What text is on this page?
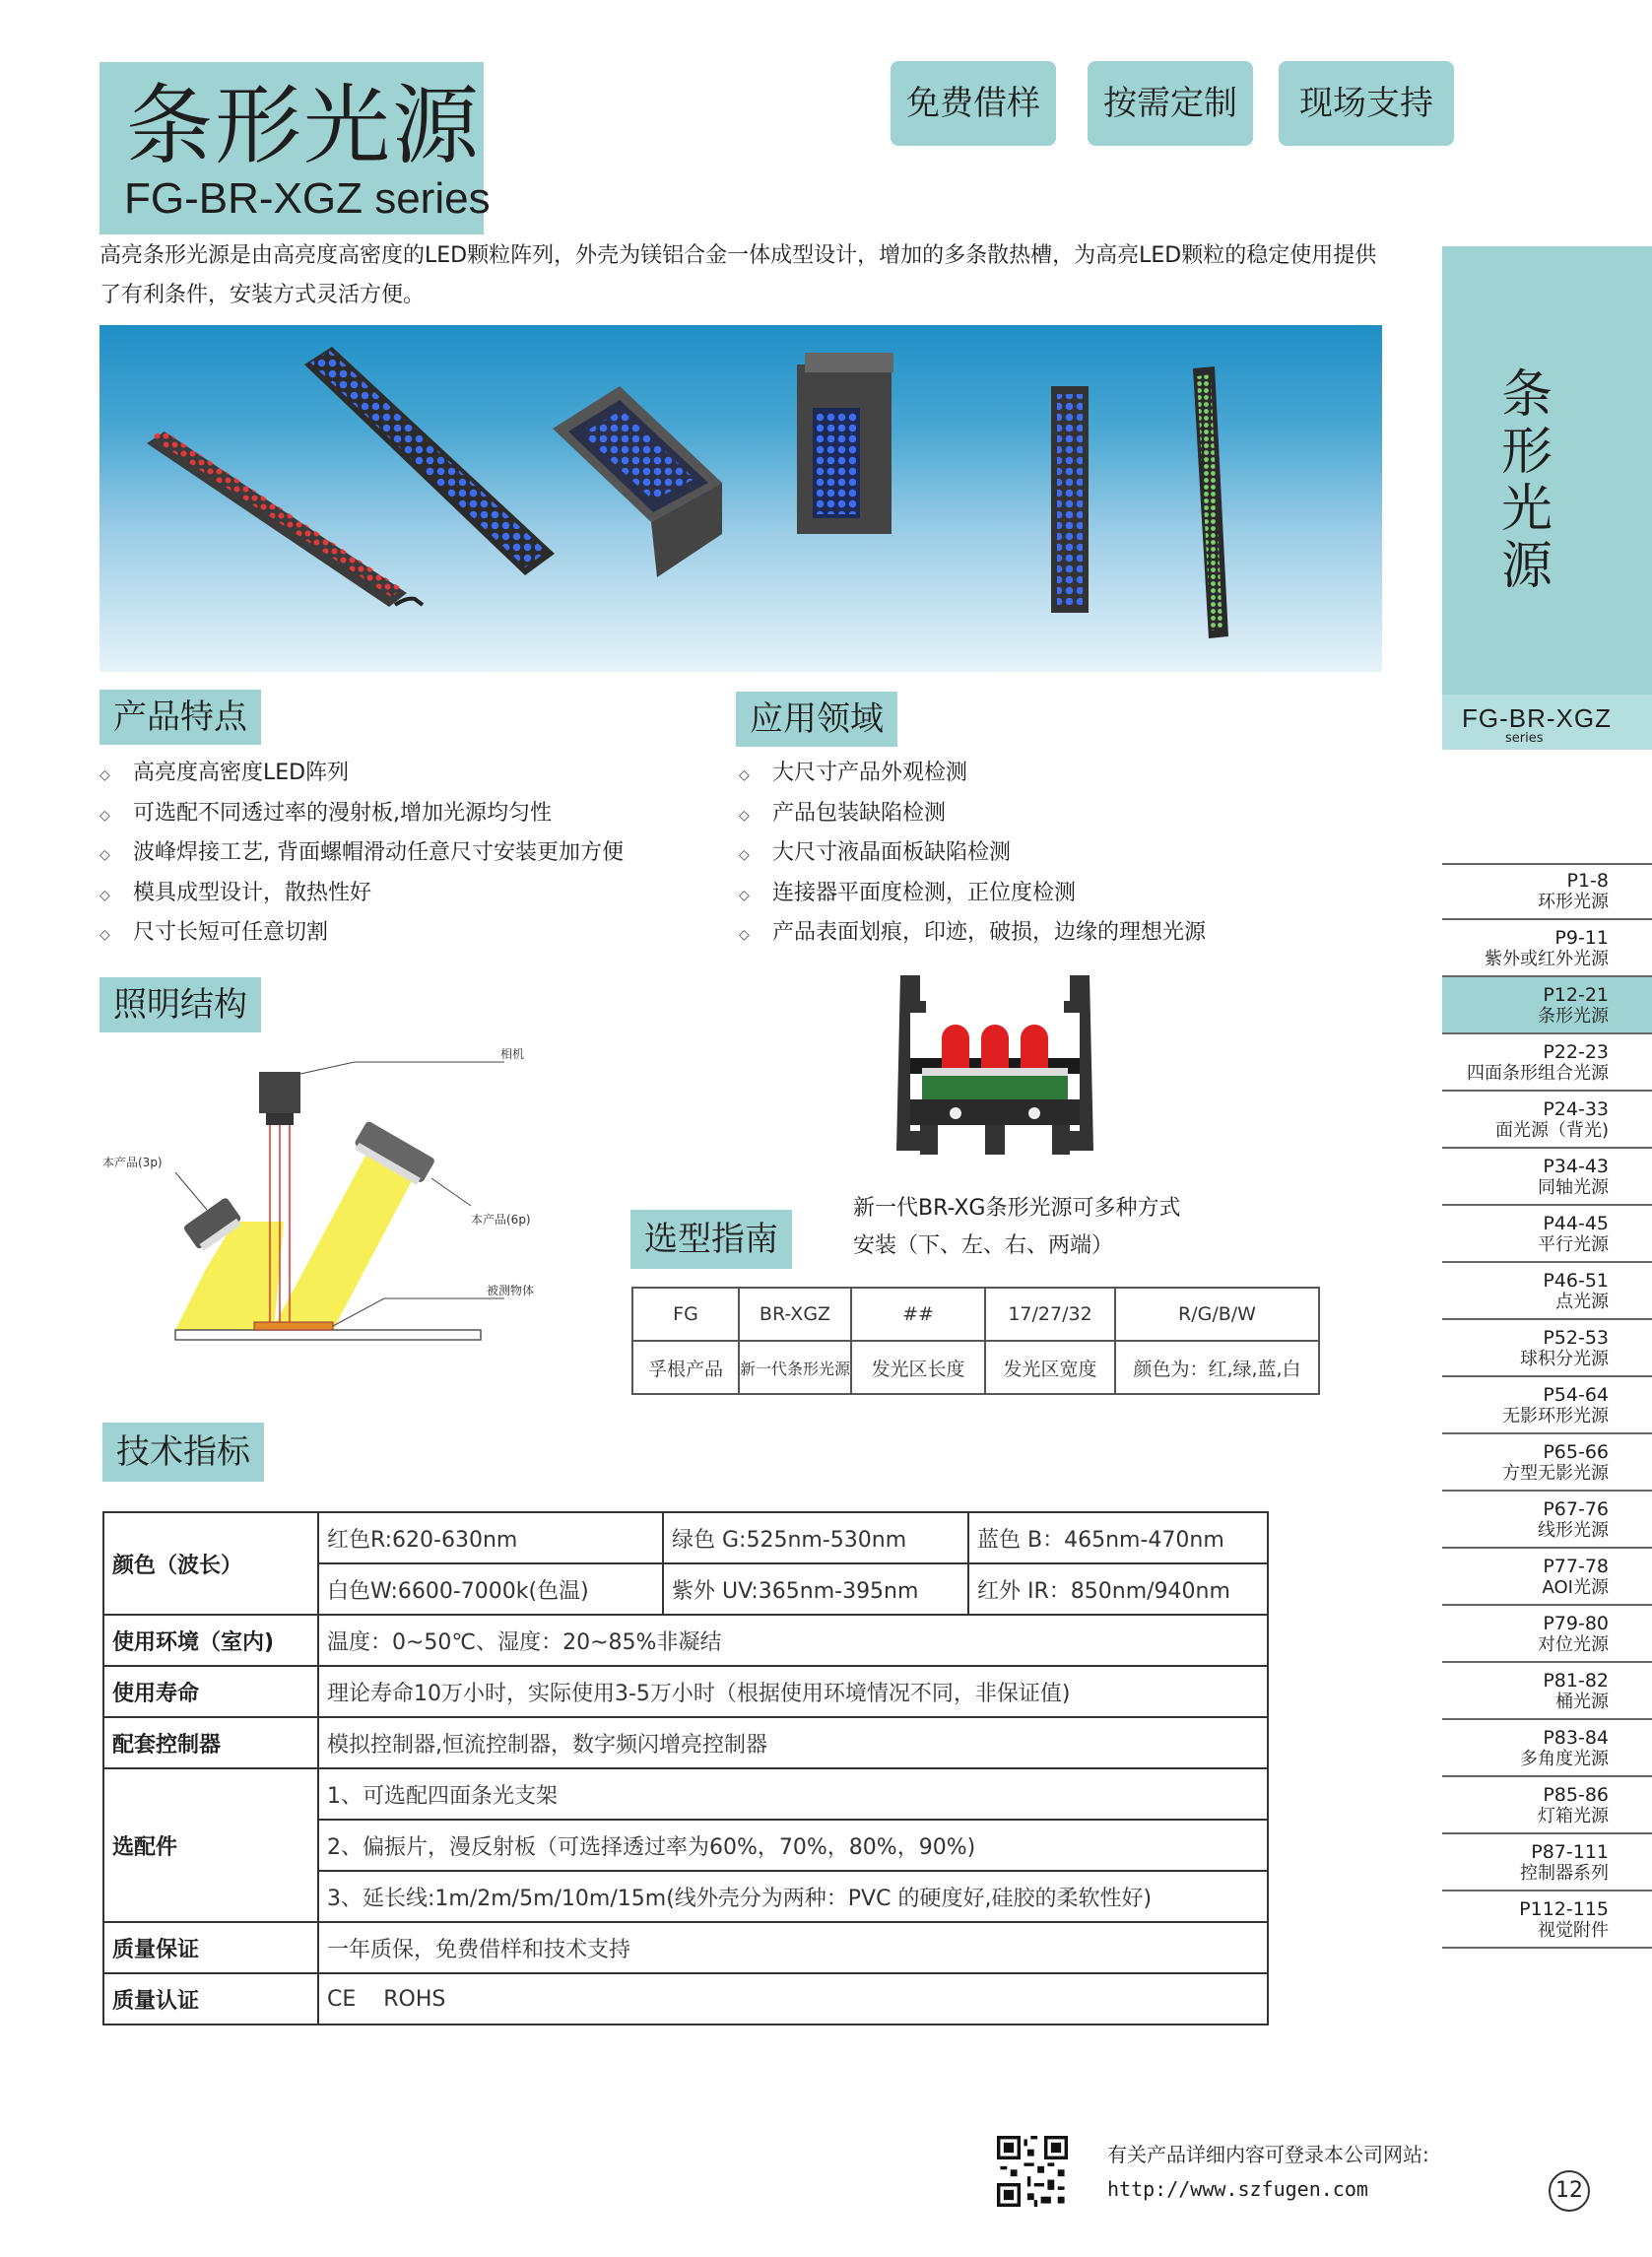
条形光源
FG-BR-XGZ series
免费借样	按需定制	现场支持
高亮条形光源是由高亮度高密度的LED颗粒阵列，外壳为镁铝合金一体成型设计，增加的多条散热槽，为高亮LED颗粒的稳定使用提供了有利条件，安装方式灵活方便。
产品特点
◇ 高亮度高密度LED阵列
◇ 可选配不同透过率的漫射板,增加光源均匀性
◇ 波峰焊接工艺, 背面螺帽滑动任意尺寸安装更加方便
◇ 模具成型设计，散热性好
◇ 尺寸长短可任意切割
应用领域
◇ 大尺寸产品外观检测
◇ 产品包装缺陷检测
◇ 大尺寸液晶面板缺陷检测
◇ 连接器平面度检测，正位度检测
◇ 产品表面划痕，印迹，破损，边缘的理想光源
照明结构
相机
本产品(3p)
本产品(6p)
被测物体
新一代BR-XG条形光源可多种方式
安装（下、左、右、两端）
选型指南
FG	BR-XGZ	##	17/27/32	R/G/B/W
孚根产品	新一代条形光源	发光区长度	发光区宽度	颜色为：红,绿,蓝,白
技术指标
颜色（波长）	红色R:620-630nm	绿色 G:525nm-530nm	蓝色 B：465nm-470nm
	白色W:6600-7000k(色温)	紫外 UV:365nm-395nm	红外 IR：850nm/940nm
使用环境（室内)	温度：0~50℃、湿度：20~85%非凝结		
使用寿命	理论寿命10万小时，实际使用3-5万小时（根据使用环境情况不同，非保证值)		
配套控制器	模拟控制器,恒流控制器，数字频闪增亮控制器		
选配件	1、可选配四面条光支架		
	2、偏振片，漫反射板（可选择透过率为60%，70%，80%，90%)		
	3、延长线:1m/2m/5m/10m/15m(线外壳分为两种：PVC 的硬度好,硅胶的柔软性好)		
质量保证	一年质保，免费借样和技术支持		
质量认证	CE    ROHS		
条形光源
FG-BR-XGZ
series
P1-8
环形光源
P9-11
紫外或红外光源
P12-21
条形光源
P22-23
四面条形组合光源
P24-33
面光源（背光)
P34-43
同轴光源
P44-45
平行光源
P46-51
点光源
P52-53
球积分光源
P54-64
无影环形光源
P65-66
方型无影光源
P67-76
线形光源
P77-78
AOI光源
P79-80
对位光源
P81-82
桶光源
P83-84
多角度光源
P85-86
灯箱光源
P87-111
控制器系列
P112-115
视觉附件
有关产品详细内容可登录本公司网站:
http://www.szfugen.com	12
